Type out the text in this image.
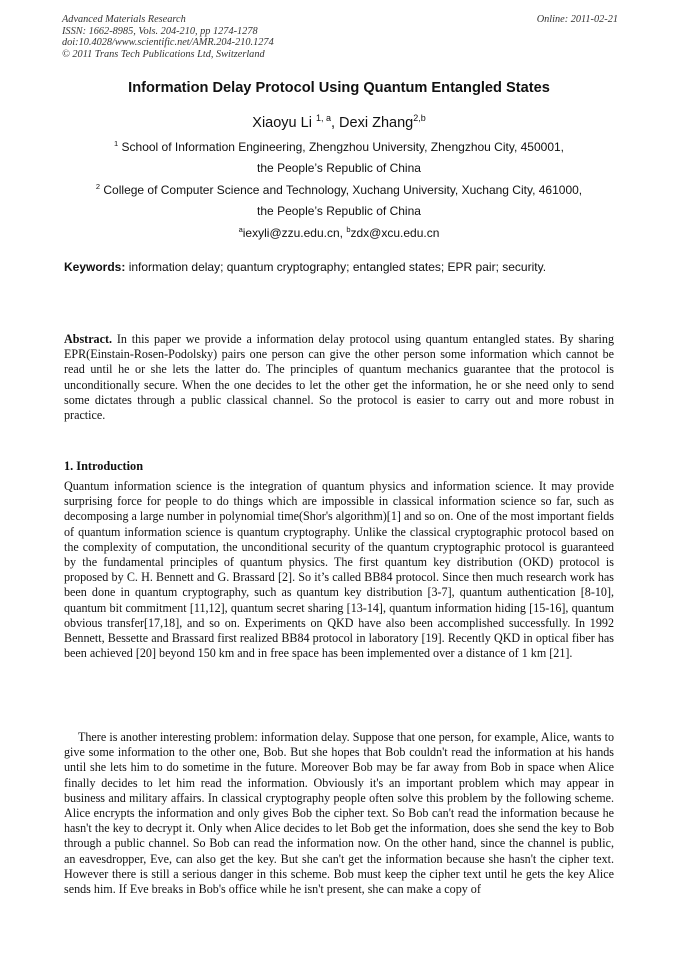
Advanced Materials Research
ISSN: 1662-8985, Vols. 204-210, pp 1274-1278
doi:10.4028/www.scientific.net/AMR.204-210.1274
© 2011 Trans Tech Publications Ltd, Switzerland
Online: 2011-02-21
Information Delay Protocol Using Quantum Entangled States
Xiaoyu Li $^{1, a}$, Dexi Zhang$^{2,b}$
$^1$ School of Information Engineering, Zhengzhou University, Zhengzhou City, 450001,
the People’s Republic of China
$^2$ College of Computer Science and Technology, Xuchang University, Xuchang City, 461000,
the People’s Republic of China
$^a$iexyli@zzu.edu.cn, $^b$zdx@xcu.edu.cn
Keywords: information delay; quantum cryptography; entangled states; EPR pair; security.
Abstract. In this paper we provide a information delay protocol using quantum entangled states. By sharing EPR(Einstain-Rosen-Podolsky) pairs one person can give the other person some information which cannot be read until he or she lets the latter do. The principles of quantum mechanics guarantee that the protocol is unconditionally secure. When the one decides to let the other get the information, he or she need only to send some dictates through a public classical channel. So the protocol is easier to carry out and more robust in practice.
1. Introduction
Quantum information science is the integration of quantum physics and information science. It may provide surprising force for people to do things which are impossible in classical information science so far, such as decomposing a large number in polynomial time(Shor's algorithm)[1] and so on. One of the most important fields of quantum information science is quantum cryptography. Unlike the classical cryptographic protocol based on the complexity of computation, the unconditional security of the quantum cryptographic protocol is guaranteed by the fundamental principles of quantum physics. The first quantum key distribution (OKD) protocol is proposed by C. H. Bennett and G. Brassard [2]. So it’s called BB84 protocol. Since then much research work has been done in quantum cryptography, such as quantum key distribution [3-7], quantum authentication [8-10], quantum bit commitment [11,12], quantum secret sharing [13-14], quantum information hiding [15-16], quantum obvious transfer[17,18], and so on. Experiments on QKD have also been accomplished successfully. In 1992 Bennett, Bessette and Brassard first realized BB84 protocol in laboratory [19]. Recently QKD in optical fiber has been achieved [20] beyond 150 km and in free space has been implemented over a distance of 1 km [21].
There is another interesting problem: information delay. Suppose that one person, for example, Alice, wants to give some information to the other one, Bob. But she hopes that Bob couldn't read the information at his hands until she lets him to do sometime in the future. Moreover Bob may be far away from Bob in space when Alice finally decides to let him read the information. Obviously it's an important problem which may appear in business and military affairs. In classical cryptography people often solve this problem by the following scheme. Alice encrypts the information and only gives Bob the cipher text. So Bob can't read the information because he hasn't the key to decrypt it. Only when Alice decides to let Bob get the information, does she send the key to Bob through a public channel. So Bob can read the information now. On the other hand, since the channel is public, an eavesdropper, Eve, can also get the key. But she can't get the information because she hasn't the cipher text. However there is still a serious danger in this scheme. Bob must keep the cipher text until he gets the key Alice sends him. If Eve breaks in Bob's office while he isn't present, she can make a copy of
